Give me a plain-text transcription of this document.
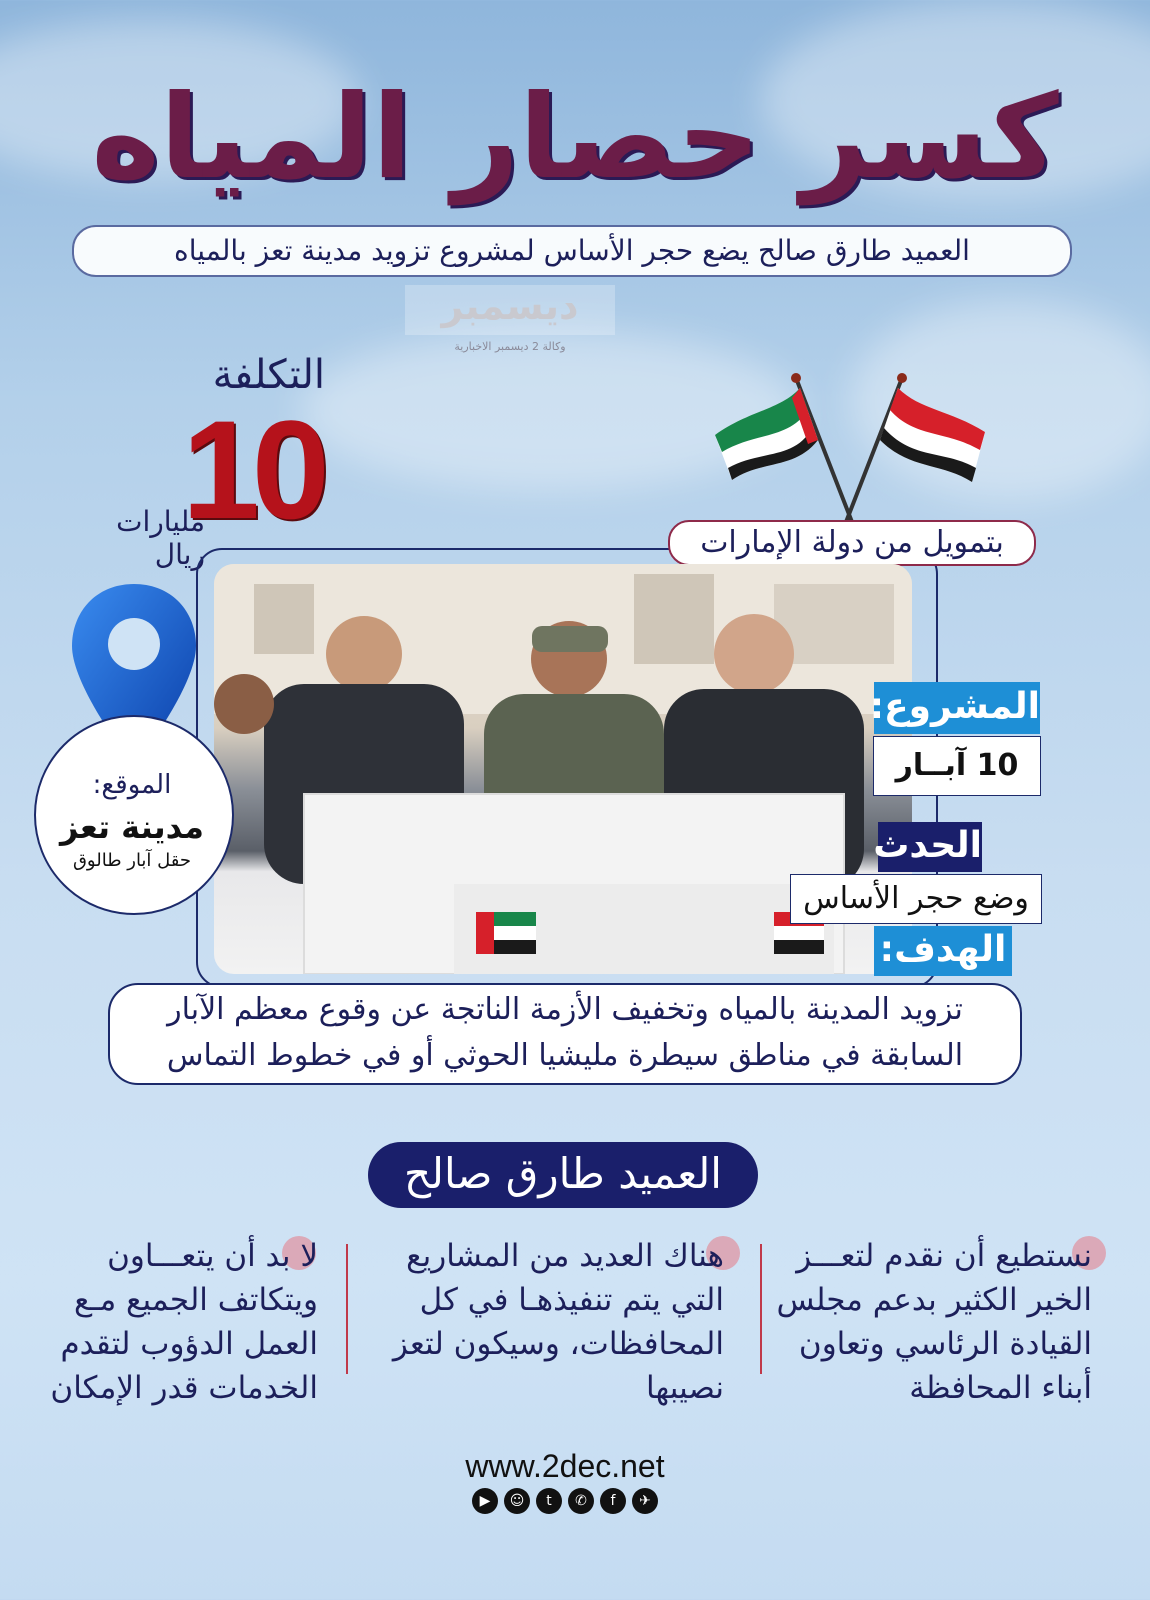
كسر حصار المياه
العميد طارق صالح يضع حجر الأساس لمشروع تزويد مدينة تعز بالمياه
ديسمبر
وكالة 2 ديسمبر الاخبارية
التكلفة
10
مليارات ريال	بتمويل من دولة الإمارات
الموقع:
مدينة تعز
حقل آبار طالوق
المشروع:
10 آبــار
الحدث
وضع حجر الأساس
الهدف:
تزويد المدينة بالمياه وتخفيف الأزمة الناتجة عن وقوع معظم الآبار
السابقة في مناطق سيطرة مليشيا الحوثي أو في خطوط التماس
العميد طارق صالح
نستطيع أن نقدم لتعـــز
الخير الكثير بدعم مجلس
القيادة الرئاسي وتعاون
أبناء المحافظة
هناك العديد من المشاريع
التي يتم تنفيذهـا في كل
المحافظات، وسيكون لتعز
نصيبها
لا بد أن يتعـــاون
ويتكاتف الجميع مـع
العمل الدؤوب لتقدم
الخدمات قدر الإمكان
www.2dec.net
✈
f
✆
t
☺
▶
